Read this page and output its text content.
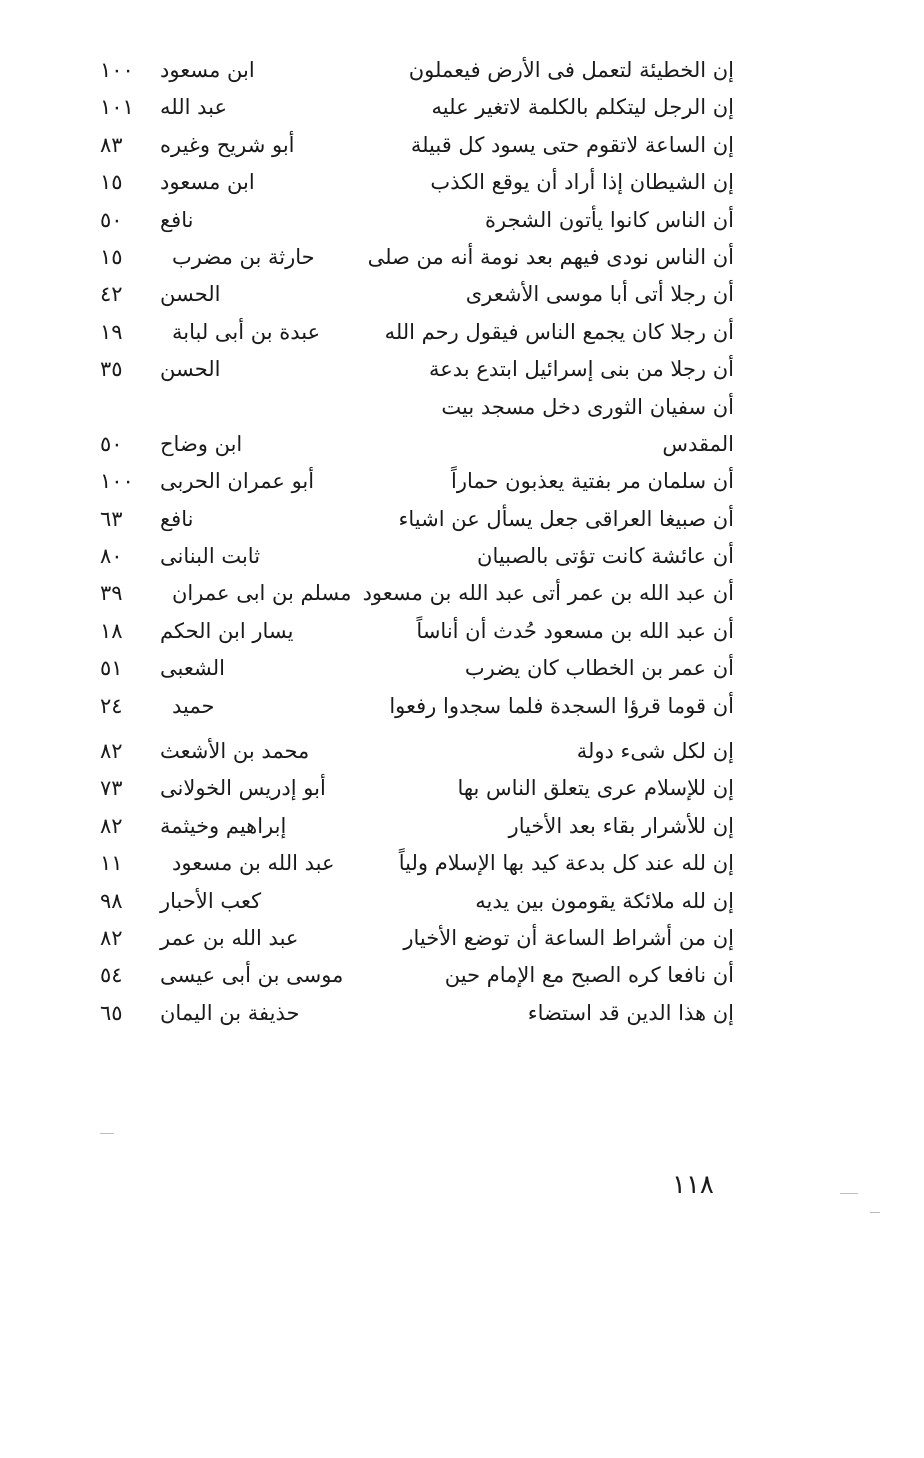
إن الخطيئة لتعمل فى الأرض فيعملون
ابن مسعود
١٠٠
إن الرجل ليتكلم بالكلمة لاتغير عليه
عبد الله
١٠١
إن الساعة لاتقوم حتى يسود كل قبيلة
أبو شريح وغيره
٨٣
إن الشيطان إذا أراد أن يوقع الكذب
ابن مسعود
١٥
أن الناس كانوا يأتون الشجرة
نافع
٥٠
أن الناس نودى فيهم بعد نومة أنه من صلى
حارثة بن مضرب
١٥
أن رجلا أتى أبا موسى الأشعرى
الحسن
٤٢
أن رجلا كان يجمع الناس فيقول رحم الله
عبدة بن أبى لبابة
١٩
أن رجلا من بنى إسرائيل ابتدع بدعة
الحسن
٣٥
أن سفيان الثورى دخل مسجد بيت
المقدس
ابن وضاح
٥٠
أن سلمان مر بفتية يعذبون حماراً
أبو عمران الحربى
١٠٠
أن صبيغا العراقى جعل يسأل عن اشياء
نافع
٦٣
أن عائشة كانت تؤتى بالصبيان
ثابت البنانى
٨٠
أن عبد الله بن عمر أتى عبد الله بن مسعود
مسلم بن ابى عمران
٣٩
أن عبد الله بن مسعود حُدث أن أناساً
يسار ابن الحكم
١٨
أن عمر بن الخطاب كان يضرب
الشعبى
٥١
أن قوما قرؤا السجدة فلما سجدوا رفعوا
حميد
٢٤
إن لكل شىء دولة
محمد بن الأشعث
٨٢
إن للإسلام عرى يتعلق الناس بها
أبو إدريس الخولانى
٧٣
إن للأشرار بقاء بعد الأخيار
إبراهيم وخيثمة
٨٢
إن لله عند كل بدعة كيد بها الإسلام ولياً
عبد الله بن مسعود
١١
إن لله ملائكة يقومون بين يديه
كعب الأحبار
٩٨
إن من أشراط الساعة أن توضع الأخيار
عبد الله بن عمر
٨٢
أن نافعا كره الصبح مع الإمام حين
موسى بن أبى عيسى
٥٤
إن هذا الدين قد استضاء
حذيفة بن اليمان
٦٥
١١٨
